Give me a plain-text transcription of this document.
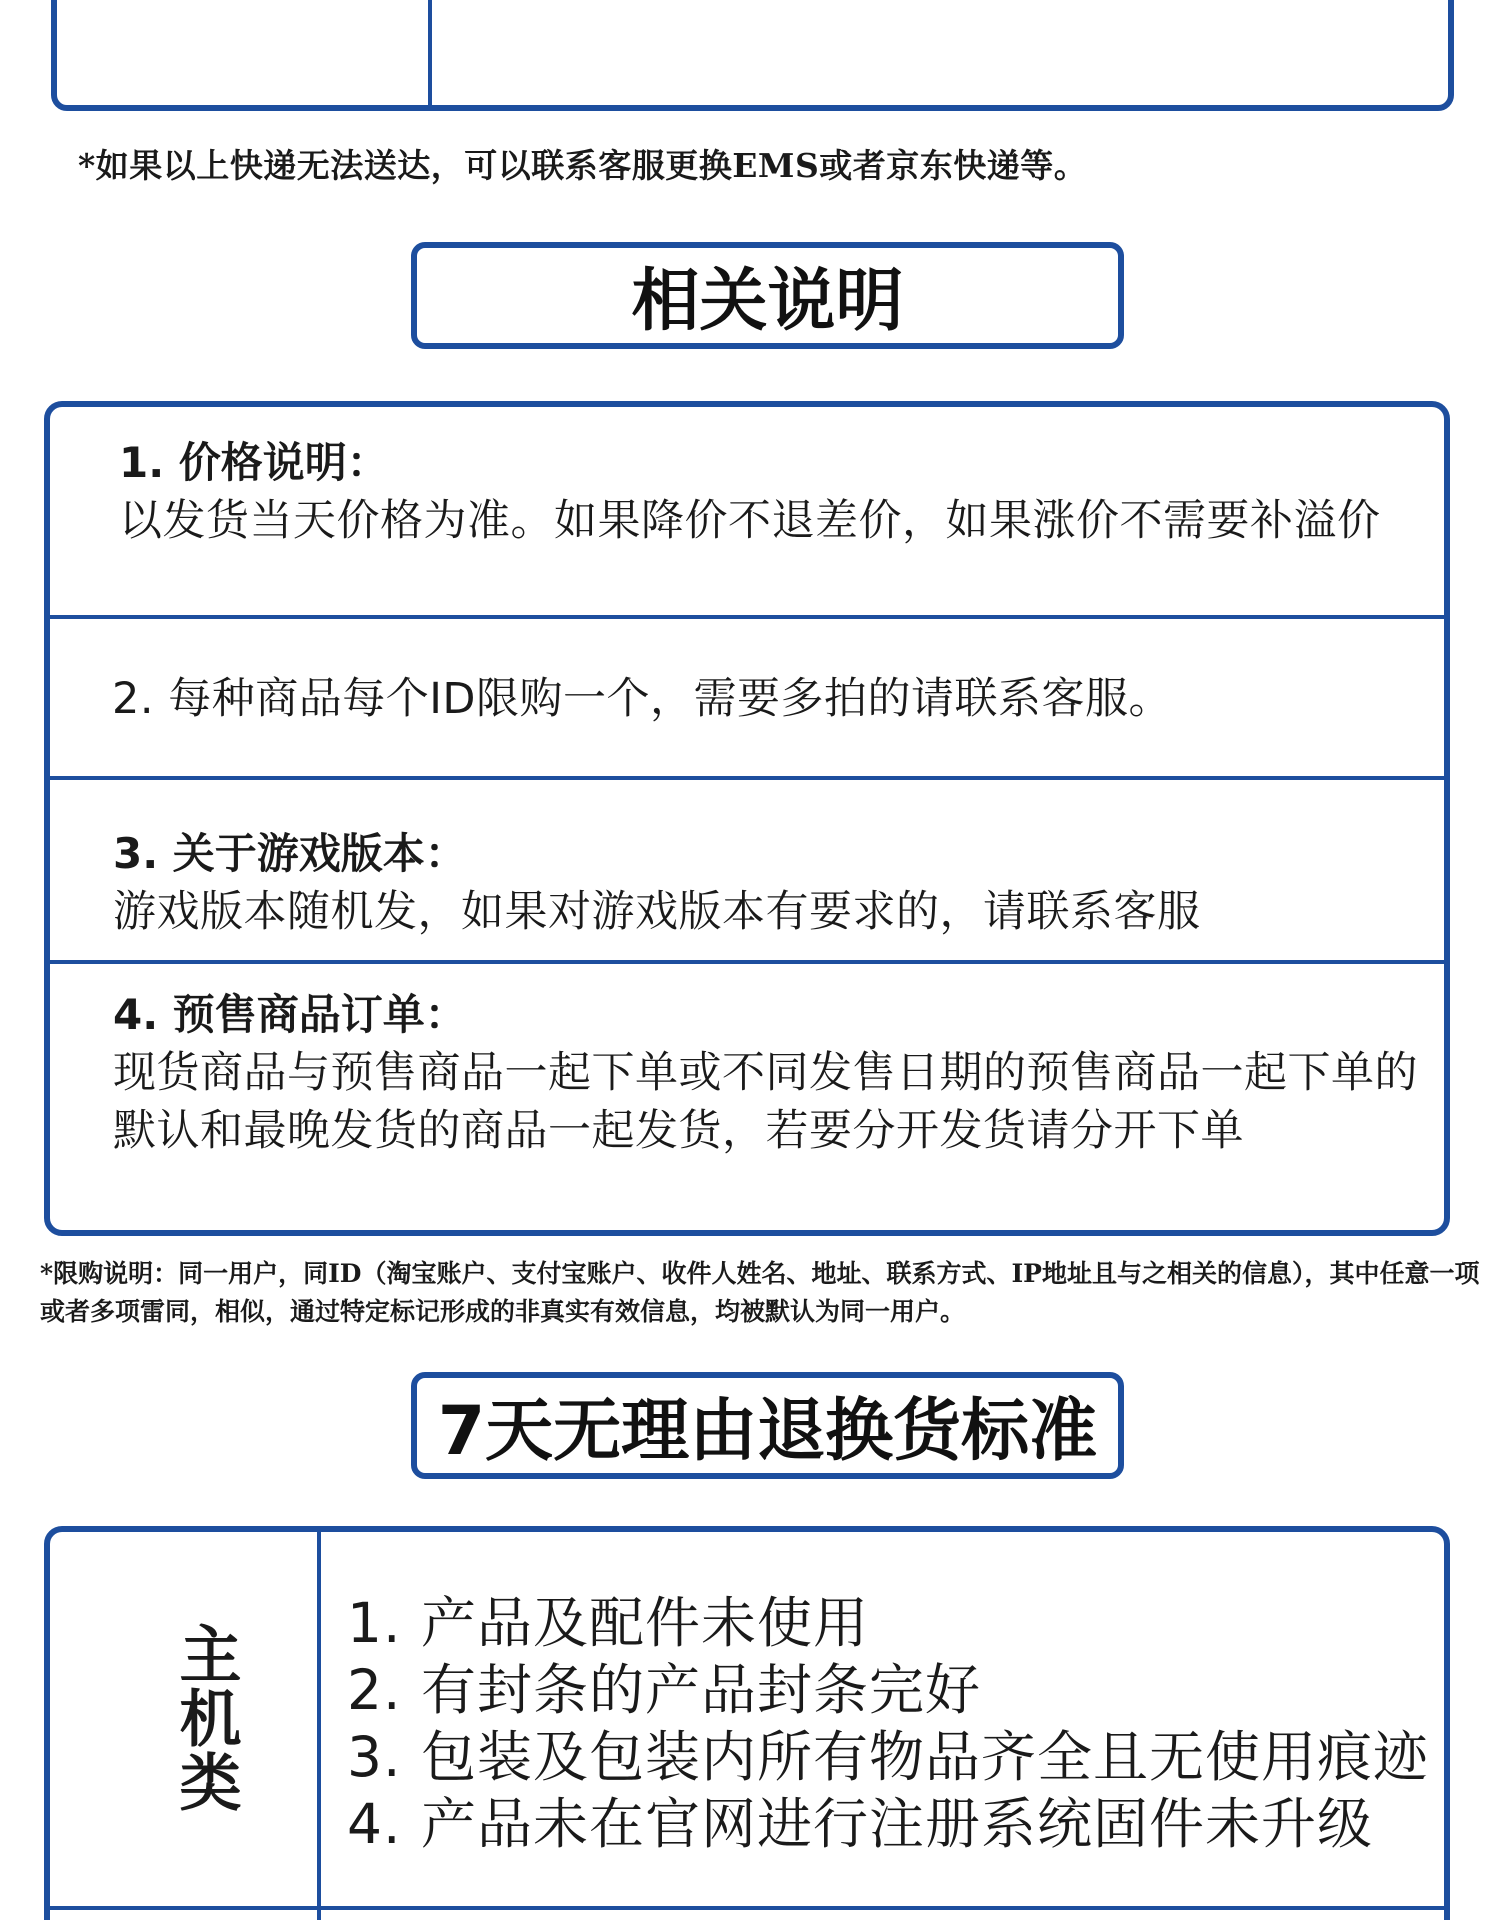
*如果以上快递无法送达，可以联系客服更换EMS或者京东快递等。
相关说明
1. 价格说明：
以发货当天价格为准。如果降价不退差价，如果涨价不需要补溢价
2. 每种商品每个ID限购一个，需要多拍的请联系客服。
3. 关于游戏版本：
游戏版本随机发，如果对游戏版本有要求的，请联系客服
4. 预售商品订单：
现货商品与预售商品一起下单或不同发售日期的预售商品一起下单的默认和最晚发货的商品一起发货，若要分开发货请分开下单
*限购说明：同一用户，同ID（淘宝账户、支付宝账户、收件人姓名、地址、联系方式、IP地址且与之相关的信息），其中任意一项或者多项雷同，相似，通过特定标记形成的非真实有效信息，均被默认为同一用户。
7天无理由退换货标准
主机类 1. 产品及配件未使用
2. 有封条的产品封条完好
3. 包装及包装内所有物品齐全且无使用痕迹
4. 产品未在官网进行注册系统固件未升级
